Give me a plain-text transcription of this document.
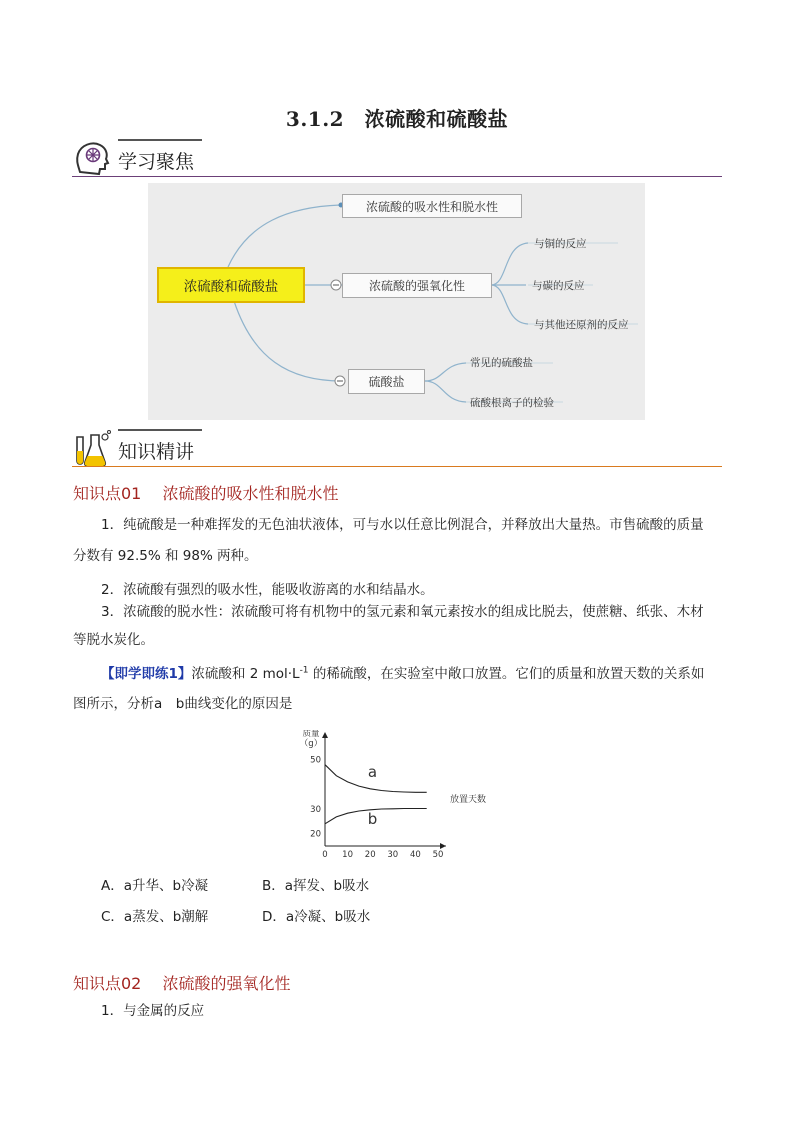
3.1.2　浓硫酸和硫酸盐
学习聚焦
浓硫酸和硫酸盐
浓硫酸的吸水性和脱水性
浓硫酸的强氧化性
硫酸盐
与铜的反应
与碳的反应
与其他还原剂的反应
常见的硫酸盐
硫酸根离子的检验
知识精讲
知识点01　 浓硫酸的吸水性和脱水性
1．纯硫酸是一种难挥发的无色油状液体，可与水以任意比例混合，并释放出大量热。市售硫酸的质量
分数有 92.5% 和 98% 两种。
2．浓硫酸有强烈的吸水性，能吸收游离的水和结晶水。
3．浓硫酸的脱水性：浓硫酸可将有机物中的氢元素和氧元素按水的组成比脱去，使蔗糖、纸张、木材
等脱水炭化。
【即学即练1】浓硫酸和 2 $mol\cdot L^{-1}$ 的稀硫酸，在实验室中敞口放置。它们的质量和放置天数的关系如
图所示，分析a　b曲线变化的原因是
0 10 20 30 40 50
20
30
50
质量
（g）
放置天数
a
b
A．a升华、b冷凝	B．a挥发、b吸水
C．a蒸发、b潮解	D．a冷凝、b吸水
知识点02　 浓硫酸的强氧化性
1．与金属的反应
